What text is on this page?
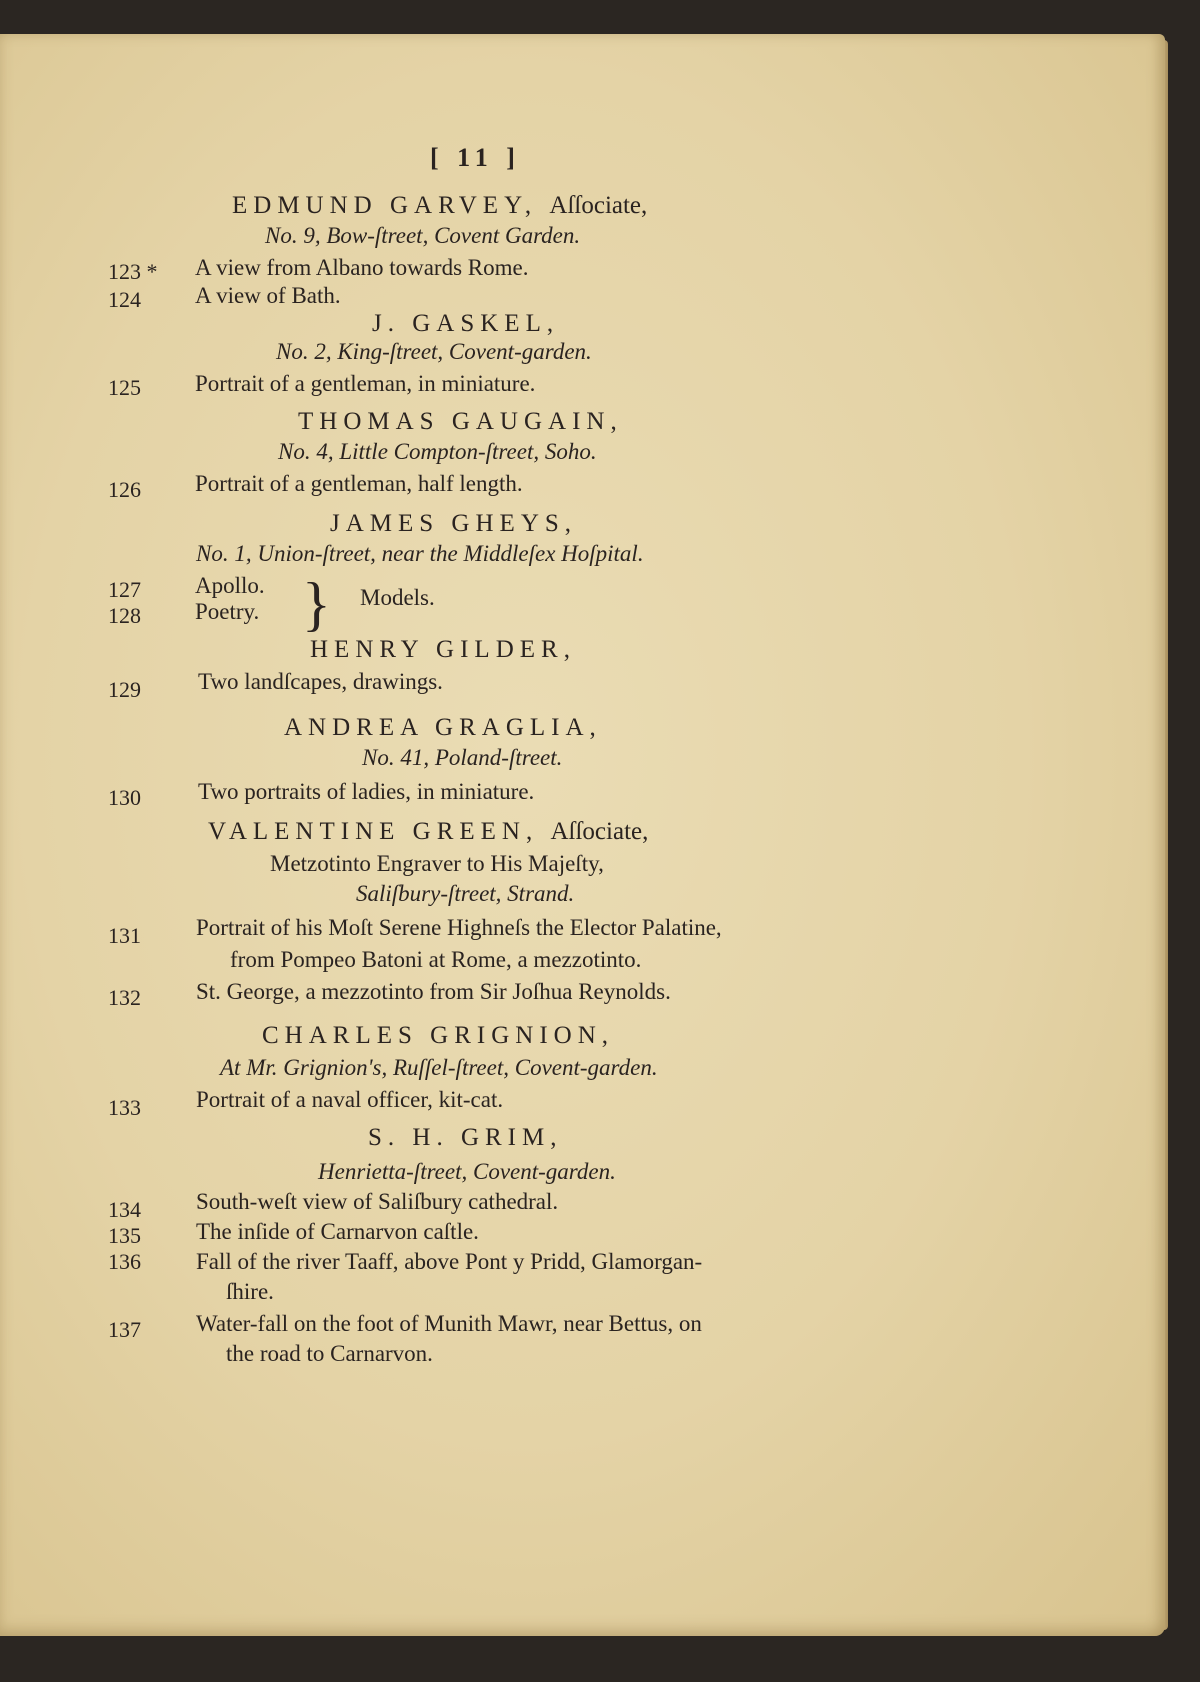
[ 11 ]
EDMUND GARVEY, Aſſociate,
No. 9, Bow-ſtreet, Covent Garden.
123 * A view from Albano towards Rome.
124 A view of Bath.
J. GASKEL,
No. 2, King-ſtreet, Covent-garden.
125 Portrait of a gentleman, in miniature.
THOMAS GAUGAIN,
No. 4, Little Compton-ſtreet, Soho.
126 Portrait of a gentleman, half length.
JAMES GHEYS,
No. 1, Union-ſtreet, near the Middleſex Hoſpital.
127 Apollo.
128 Poetry. } Models.
HENRY GILDER,
129 Two landſcapes, drawings.
ANDREA GRAGLIA,
No. 41, Poland-ſtreet.
130 Two portraits of ladies, in miniature.
VALENTINE GREEN, Aſſociate,
Metzotinto Engraver to His Majeſty,
Saliſbury-ſtreet, Strand.
131 Portrait of his Moſt Serene Highneſs the Elector Palatine,
from Pompeo Batoni at Rome, a mezzotinto.
132 St. George, a mezzotinto from Sir Joſhua Reynolds.
CHARLES GRIGNION,
At Mr. Grignion's, Ruſſel-ſtreet, Covent-garden.
133 Portrait of a naval officer, kit-cat.
S. H. GRIM,
Henrietta-ſtreet, Covent-garden.
134 South-weſt view of Saliſbury cathedral.
135 The inſide of Carnarvon caſtle.
136 Fall of the river Taaff, above Pont y Pridd, Glamorgan-
ſhire.
137 Water-fall on the foot of Munith Mawr, near Bettus, on
the road to Carnarvon.
